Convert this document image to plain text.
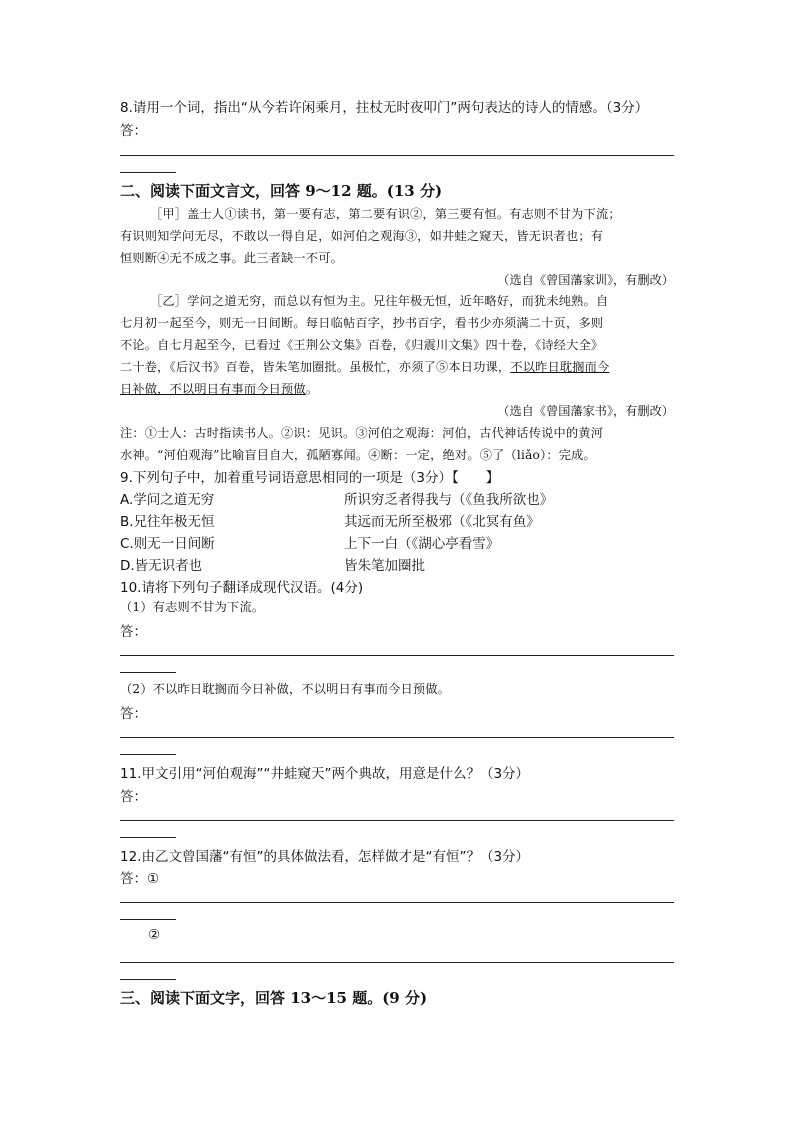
8.请用一个词，指出“从今若许闲乘月，拄杖无时夜叩门”两句表达的诗人的情感。（3分）
答：
二、阅读下面文言文，回答 9～12 题。(13 分)
［甲］盖士人①读书，第一要有志，第二要有识②，第三要有恒。有志则不甘为下流；
有识则知学问无尽，不敢以一得自足，如河伯之观海③，如井蛙之窥天，皆无识者也；有
恒则断④无不成之事。此三者缺一不可。
（选自《曾国藩家训》，有删改）
［乙］学问之道无穷，而总以有恒为主。兄往年极无恒，近年略好，而犹未纯熟。自
七月初一起至今，则无一日间断。每日临帖百字，抄书百字，看书少亦须满二十页，多则
不论。自七月起至今，已看过《王荆公文集》百卷，《归震川文集》四十卷，《诗经大全》
二十卷，《后汉书》百卷，皆朱笔加圈批。虽极忙，亦须了⑤本日功课，不以昨日耽搁而今
日补做，不以明日有事而今日预做。
（选自《曾国藩家书》，有删改）
注：①士人：古时指读书人。②识：见识。③河伯之观海：河伯，古代神话传说中的黄河
水神。“河伯观海”比喻盲目自大，孤陋寡闻。④断：一定，绝对。⑤了（liǎo）：完成。
9.下列句子中，加着重号词语意思相同的一项是（3分）【　　】
A.学问之道无穷	所识穷乏者得我与（《鱼我所欲也》
B.兄往年极无恒	其远而无所至极邪（《北冥有鱼》
C.则无一日间断	上下一白（《湖心亭看雪》
D.皆无识者也	皆朱笔加圈批
10.请将下列句子翻译成现代汉语。(4分)
（1）有志则不甘为下流。
答：
（2）不以昨日耽搁而今日补做，不以明日有事而今日预做。
答：
11.甲文引用“河伯观海”“井蛙窥天”两个典故，用意是什么？（3分）
答：
12.由乙文曾国藩“有恒”的具体做法看，怎样做才是“有恒”？（3分）
答：①
②
三、阅读下面文字，回答 13～15 题。(9 分)
